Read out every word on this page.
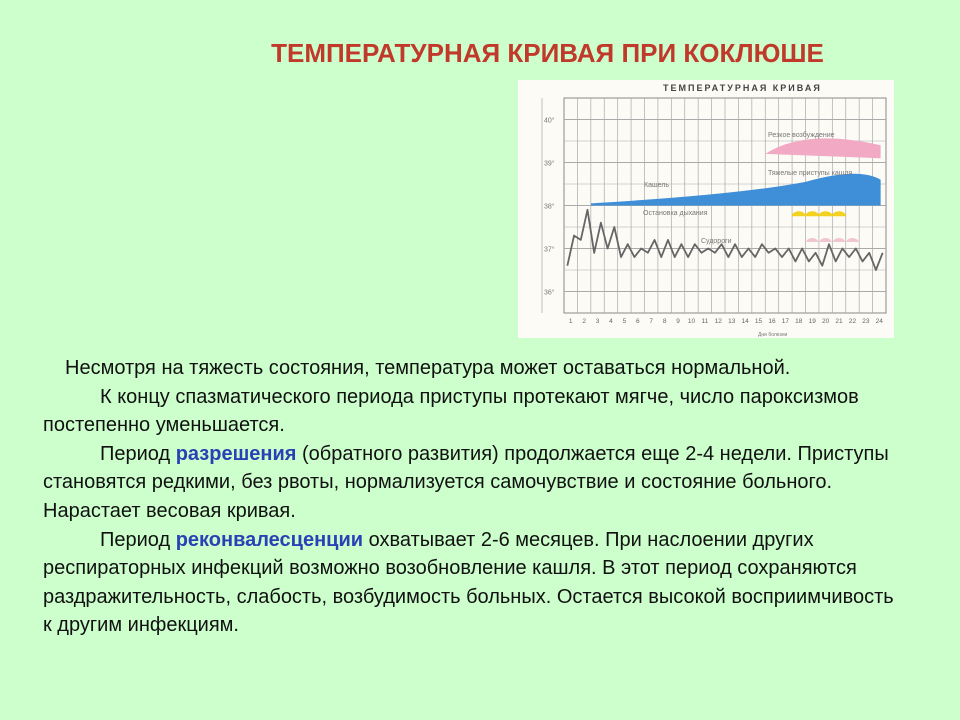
ТЕМПЕРАТУРНАЯ КРИВАЯ ПРИ КОКЛЮШЕ
ТЕМПЕРАТУРНАЯ КРИВАЯ
40°
39°
38°
37°
36°
1 2 3 4 5 6 7 8 9 10 11 12 13 14 15 16 17 18 19 20 21 22 23 24
Резкое возбуждение
Тяжелые приступы кашля
Кашель
Остановка дыхания
Судороги
Дни болезни

Несмотря на тяжесть состояния, температура может оставаться нормальной.

К концу спазматического периода приступы протекают мягче, число пароксизмов постепенно уменьшается.

Период разрешения (обратного развития) продолжается еще 2-4 недели. Приступы становятся редкими, без рвоты, нормализуется самочувствие и состояние больного. Нарастает весовая кривая.

Период реконвалесценции охватывает 2-6 месяцев. При наслоении других респираторных инфекций возможно возобновление кашля. В этот период сохраняются раздражительность, слабость, возбудимость больных. Остается высокой восприимчивость к другим инфекциям.
